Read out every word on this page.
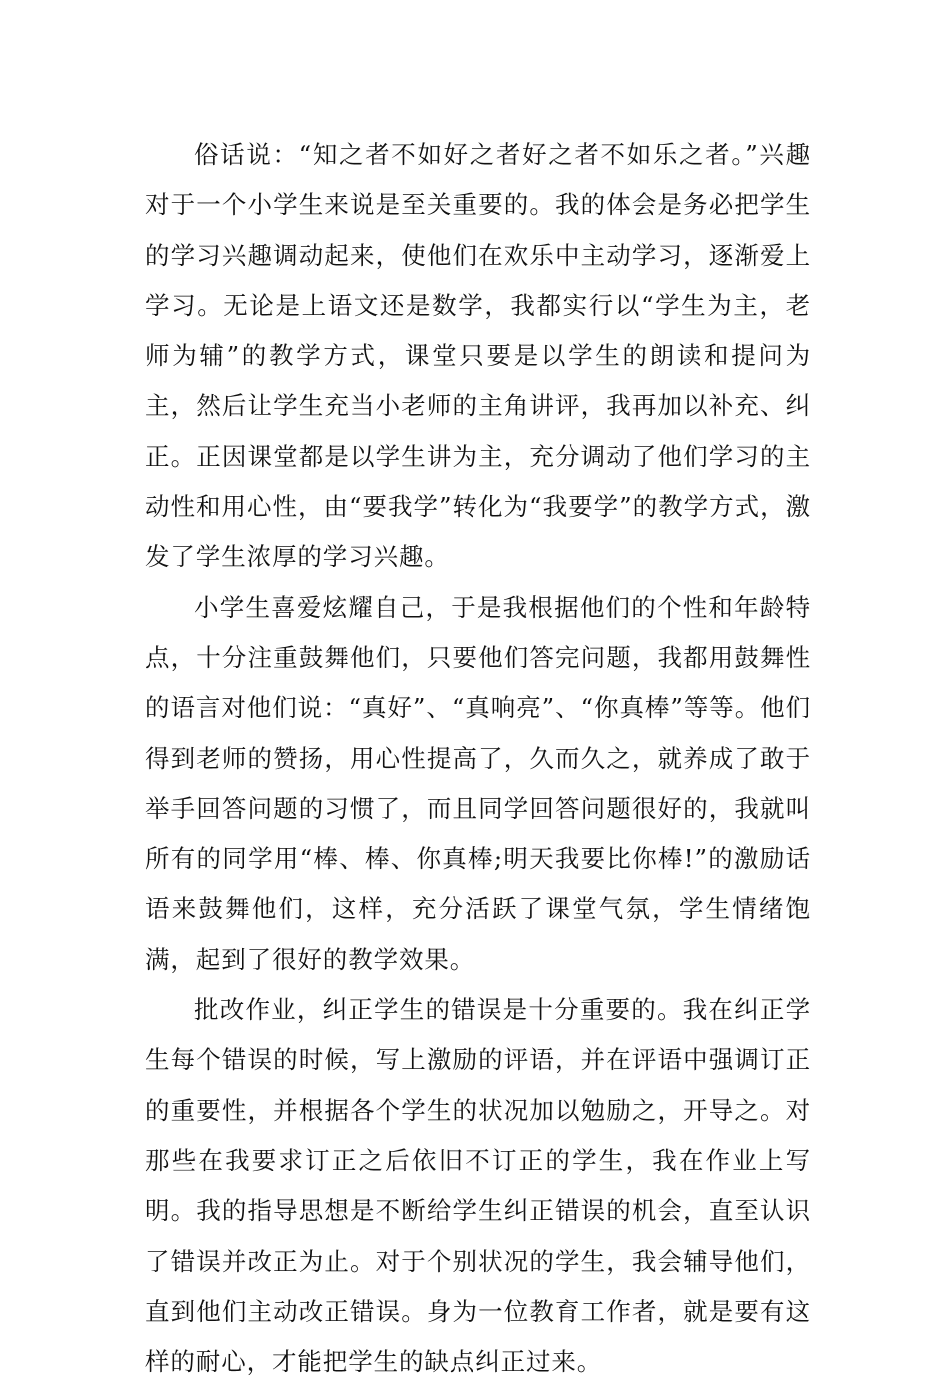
俗话说：“知之者不如好之者好之者不如乐之者。”兴趣对于一个小学生来说是至关重要的。我的体会是务必把学生的学习兴趣调动起来，使他们在欢乐中主动学习，逐渐爱上学习。无论是上语文还是数学，我都实行以“学生为主，老师为辅”的教学方式，课堂只要是以学生的朗读和提问为主，然后让学生充当小老师的主角讲评，我再加以补充、纠正。正因课堂都是以学生讲为主，充分调动了他们学习的主动性和用心性，由“要我学”转化为“我要学”的教学方式，激发了学生浓厚的学习兴趣。

小学生喜爱炫耀自己，于是我根据他们的个性和年龄特点，十分注重鼓舞他们，只要他们答完问题，我都用鼓舞性的语言对他们说：“真好”、“真响亮”、“你真棒”等等。他们得到老师的赞扬，用心性提高了，久而久之，就养成了敢于举手回答问题的习惯了，而且同学回答问题很好的，我就叫所有的同学用“棒、棒、你真棒;明天我要比你棒!”的激励话语来鼓舞他们，这样，充分活跃了课堂气氛，学生情绪饱满，起到了很好的教学效果。

批改作业，纠正学生的错误是十分重要的。我在纠正学生每个错误的时候，写上激励的评语，并在评语中强调订正的重要性，并根据各个学生的状况加以勉励之，开导之。对那些在我要求订正之后依旧不订正的学生，我在作业上写明。我的指导思想是不断给学生纠正错误的机会，直至认识了错误并改正为止。对于个别状况的学生，我会辅导他们，直到他们主动改正错误。身为一位教育工作者，就是要有这样的耐心，才能把学生的缺点纠正过来。
